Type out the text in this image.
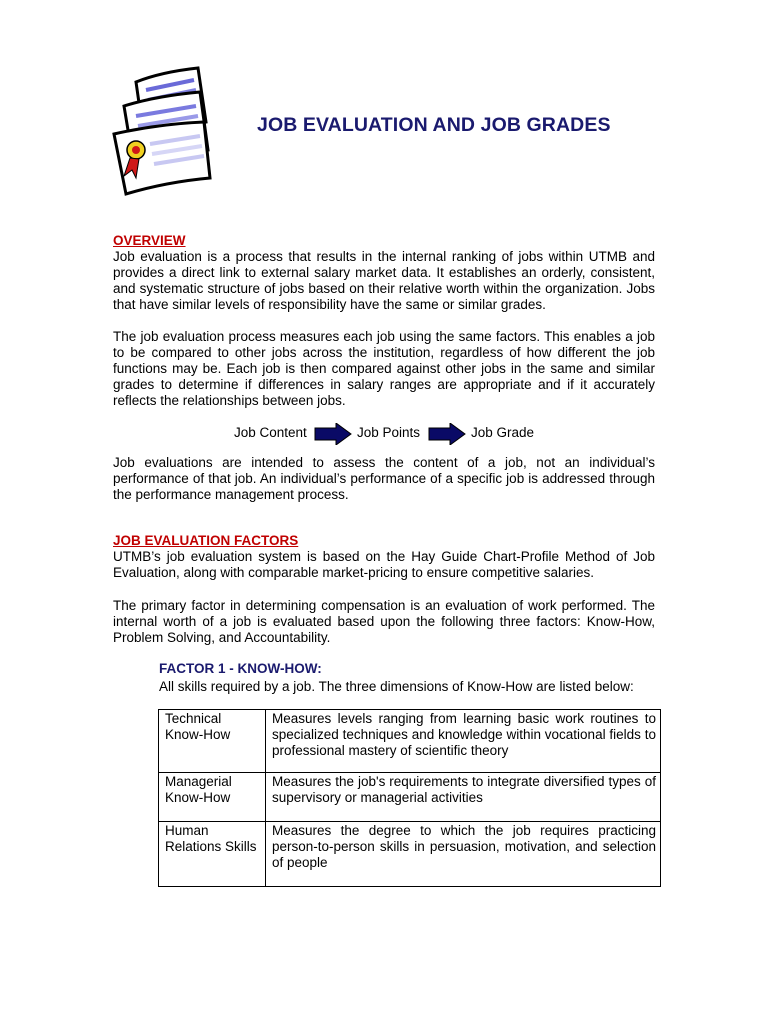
JOB EVALUATION AND JOB GRADES
OVERVIEW
Job evaluation is a process that results in the internal ranking of jobs within UTMB and provides a direct link to external salary market data. It establishes an orderly, consistent, and systematic structure of jobs based on their relative worth within the organization. Jobs that have similar levels of responsibility have the same or similar grades.
The job evaluation process measures each job using the same factors. This enables a job to be compared to other jobs across the institution, regardless of how different the job functions may be. Each job is then compared against other jobs in the same and similar grades to determine if differences in salary ranges are appropriate and if it accurately reflects the relationships between jobs.
Job Content	Job Points	Job Grade
Job evaluations are intended to assess the content of a job, not an individual’s performance of that job. An individual’s performance of a specific job is addressed through the performance management process.
JOB EVALUATION FACTORS
UTMB’s job evaluation system is based on the Hay Guide Chart-Profile Method of Job Evaluation, along with comparable market-pricing to ensure competitive salaries.
The primary factor in determining compensation is an evaluation of work performed. The internal worth of a job is evaluated based upon the following three factors: Know-How, Problem Solving, and Accountability.
FACTOR 1 - KNOW-HOW:
All skills required by a job. The three dimensions of Know-How are listed below:
Technical Know-How	Measures levels ranging from learning basic work routines to specialized techniques and knowledge within vocational fields to professional mastery of scientific theory
Managerial Know-How	Measures the job's requirements to integrate diversified types of supervisory or managerial activities
Human Relations Skills	Measures the degree to which the job requires practicing person-to-person skills in persuasion, motivation, and selection of people
